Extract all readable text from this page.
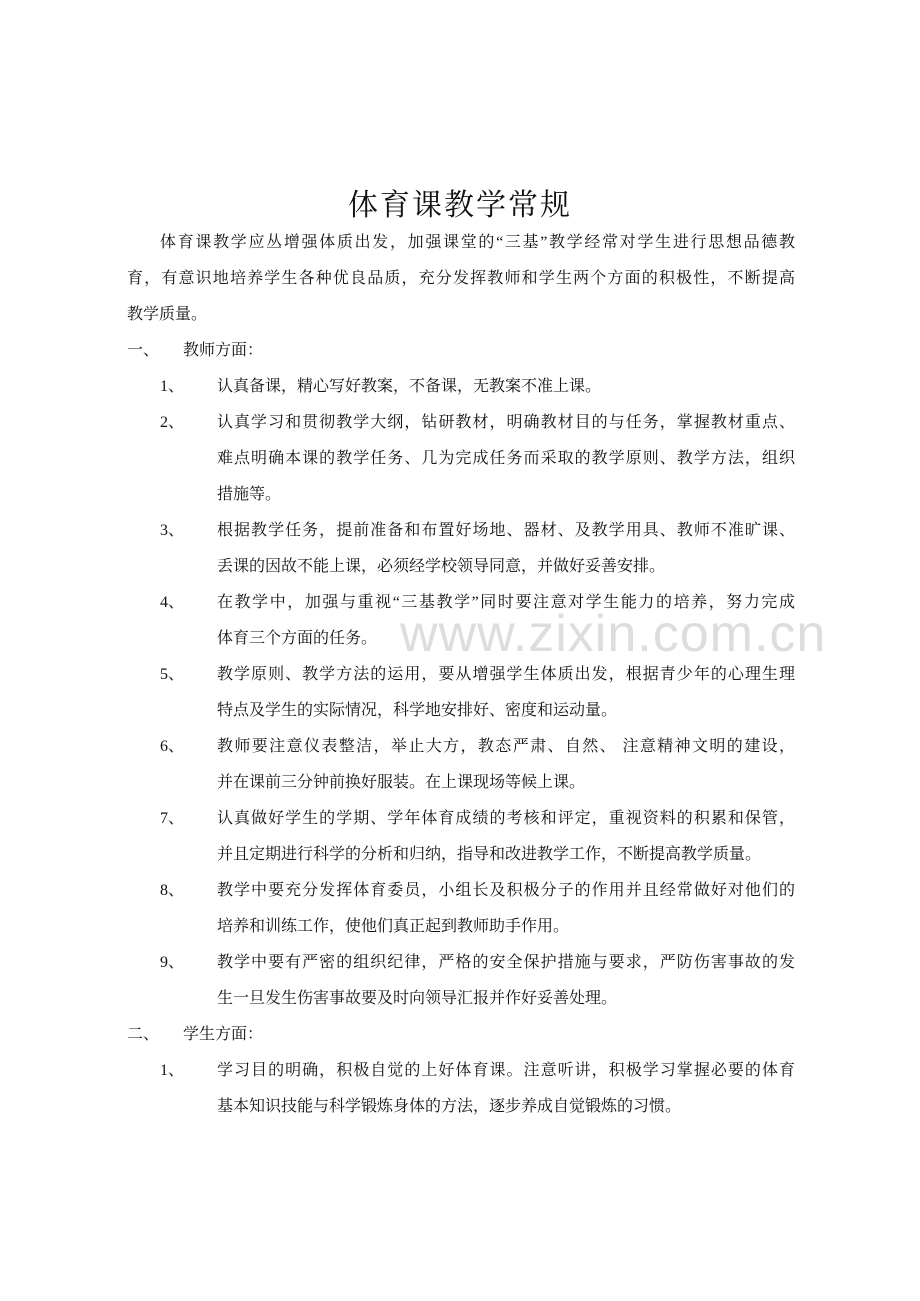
www.zixin.com.cn
体育课教学常规
体育课教学应丛增强体质出发，加强课堂的“三基”教学经常对学生进行思想品德教
育，有意识地培养学生各种优良品质，充分发挥教师和学生两个方面的积极性，不断提高
教学质量。
一、 教师方面：
1、 认真备课，精心写好教案，不备课，无教案不准上课。
2、 认真学习和贯彻教学大纲，钻研教材，明确教材目的与任务，掌握教材重点、
难点明确本课的教学任务、几为完成任务而采取的教学原则、教学方法，组织
措施等。
3、 根据教学任务，提前准备和布置好场地、器材、及教学用具、教师不准旷课、
丢课的因故不能上课，必须经学校领导同意，并做好妥善安排。
4、 在教学中，加强与重视“三基教学”同时要注意对学生能力的培养，努力完成
体育三个方面的任务。
5、 教学原则、教学方法的运用，要从增强学生体质出发，根据青少年的心理生理
特点及学生的实际情况，科学地安排好、密度和运动量。
6、 教师要注意仪表整洁，举止大方，教态严肃、自然、 注意精神文明的建设，
并在课前三分钟前换好服装。在上课现场等候上课。
7、 认真做好学生的学期、学年体育成绩的考核和评定，重视资料的积累和保管，
并且定期进行科学的分析和归纳，指导和改进教学工作，不断提高教学质量。
8、 教学中要充分发挥体育委员，小组长及积极分子的作用并且经常做好对他们的
培养和训练工作，使他们真正起到教师助手作用。
9、 教学中要有严密的组织纪律，严格的安全保护措施与要求，严防伤害事故的发
生一旦发生伤害事故要及时向领导汇报并作好妥善处理。
二、 学生方面：
1、 学习目的明确，积极自觉的上好体育课。注意听讲，积极学习掌握必要的体育
基本知识技能与科学锻炼身体的方法，逐步养成自觉锻炼的习惯。
